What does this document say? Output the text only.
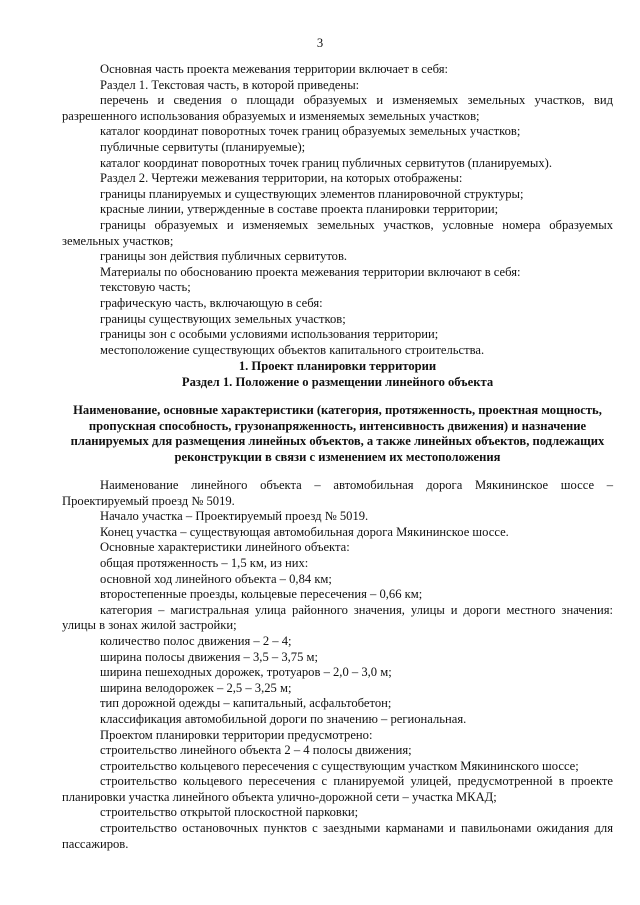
3

Основная часть проекта межевания территории включает в себя:

Раздел 1. Текстовая часть, в которой приведены:

перечень и сведения о площади образуемых и изменяемых земельных участков, вид разрешенного использования образуемых и изменяемых земельных участков;

каталог координат поворотных точек границ образуемых земельных участков;

публичные сервитуты (планируемые);

каталог координат поворотных точек границ публичных сервитутов (планируемых).

Раздел 2. Чертежи межевания территории, на которых отображены:

границы планируемых и существующих элементов планировочной структуры;

красные линии, утвержденные в составе проекта планировки территории;

границы образуемых и изменяемых земельных участков, условные номера образуемых земельных участков;

границы зон действия публичных сервитутов.

Материалы по обоснованию проекта межевания территории включают в себя:

текстовую часть;

графическую часть, включающую в себя:

границы существующих земельных участков;

границы зон с особыми условиями использования территории;

местоположение существующих объектов капитального строительства.

1. Проект планировки территории

Раздел 1. Положение о размещении линейного объекта

Наименование, основные характеристики (категория, протяженность, проектная мощность, пропускная способность, грузонапряженность, интенсивность движения) и назначение планируемых для размещения линейных объектов, а также линейных объектов, подлежащих реконструкции в связи с изменением их местоположения

Наименование линейного объекта – автомобильная дорога Мякининское шоссе – Проектируемый проезд № 5019.

Начало участка – Проектируемый проезд № 5019.

Конец участка – существующая автомобильная дорога Мякининское шоссе.

Основные характеристики линейного объекта:

общая протяженность – 1,5 км, из них:

основной ход линейного объекта – 0,84 км;

второстепенные проезды, кольцевые пересечения – 0,66 км;

категория – магистральная улица районного значения, улицы и дороги местного значения: улицы в зонах жилой застройки;

количество полос движения – 2 – 4;

ширина полосы движения – 3,5 – 3,75 м;

ширина пешеходных дорожек, тротуаров – 2,0 – 3,0 м;

ширина велодорожек – 2,5 – 3,25 м;

тип дорожной одежды – капитальный, асфальтобетон;

классификация автомобильной дороги по значению – региональная.

Проектом планировки территории предусмотрено:

строительство линейного объекта 2 – 4 полосы движения;

строительство кольцевого пересечения с существующим участком Мякининского шоссе;

строительство кольцевого пересечения с планируемой улицей, предусмотренной в проекте планировки участка линейного объекта улично-дорожной сети – участка МКАД;

строительство открытой плоскостной парковки;

строительство остановочных пунктов с заездными карманами и павильонами ожидания для пассажиров.
